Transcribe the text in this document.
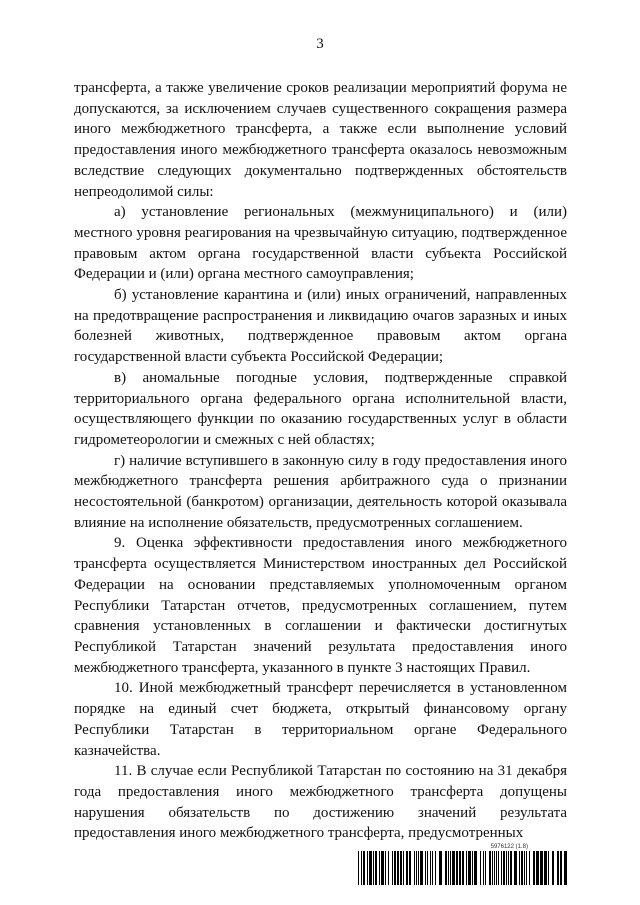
3

трансферта, а также увеличение сроков реализации мероприятий форума не допускаются, за исключением случаев существенного сокращения размера иного межбюджетного трансферта, а также если выполнение условий предоставления иного межбюджетного трансферта оказалось невозможным вследствие следующих документально подтвержденных обстоятельств непреодолимой силы:

а) установление региональных (межмуниципального) и (или) местного уровня реагирования на чрезвычайную ситуацию, подтвержденное правовым актом органа государственной власти субъекта Российской Федерации и (или) органа местного самоуправления;

б) установление карантина и (или) иных ограничений, направленных на предотвращение распространения и ликвидацию очагов заразных и иных болезней животных, подтвержденное правовым актом органа государственной власти субъекта Российской Федерации;

в) аномальные погодные условия, подтвержденные справкой территориального органа федерального органа исполнительной власти, осуществляющего функции по оказанию государственных услуг в области гидрометеорологии и смежных с ней областях;

г) наличие вступившего в законную силу в году предоставления иного межбюджетного трансферта решения арбитражного суда о признании несостоятельной (банкротом) организации, деятельность которой оказывала влияние на исполнение обязательств, предусмотренных соглашением.

9. Оценка эффективности предоставления иного межбюджетного трансферта осуществляется Министерством иностранных дел Российской Федерации на основании представляемых уполномоченным органом Республики Татарстан отчетов, предусмотренных соглашением, путем сравнения установленных в соглашении и фактически достигнутых Республикой Татарстан значений результата предоставления иного межбюджетного трансферта, указанного в пункте 3 настоящих Правил.

10. Иной межбюджетный трансферт перечисляется в установленном порядке на единый счет бюджета, открытый финансовому органу Республики Татарстан в территориальном органе Федерального казначейства.

11. В случае если Республикой Татарстан по состоянию на 31 декабря года предоставления иного межбюджетного трансферта допущены нарушения обязательств по достижению значений результата предоставления иного межбюджетного трансферта, предусмотренных

5976122 (1.8)
